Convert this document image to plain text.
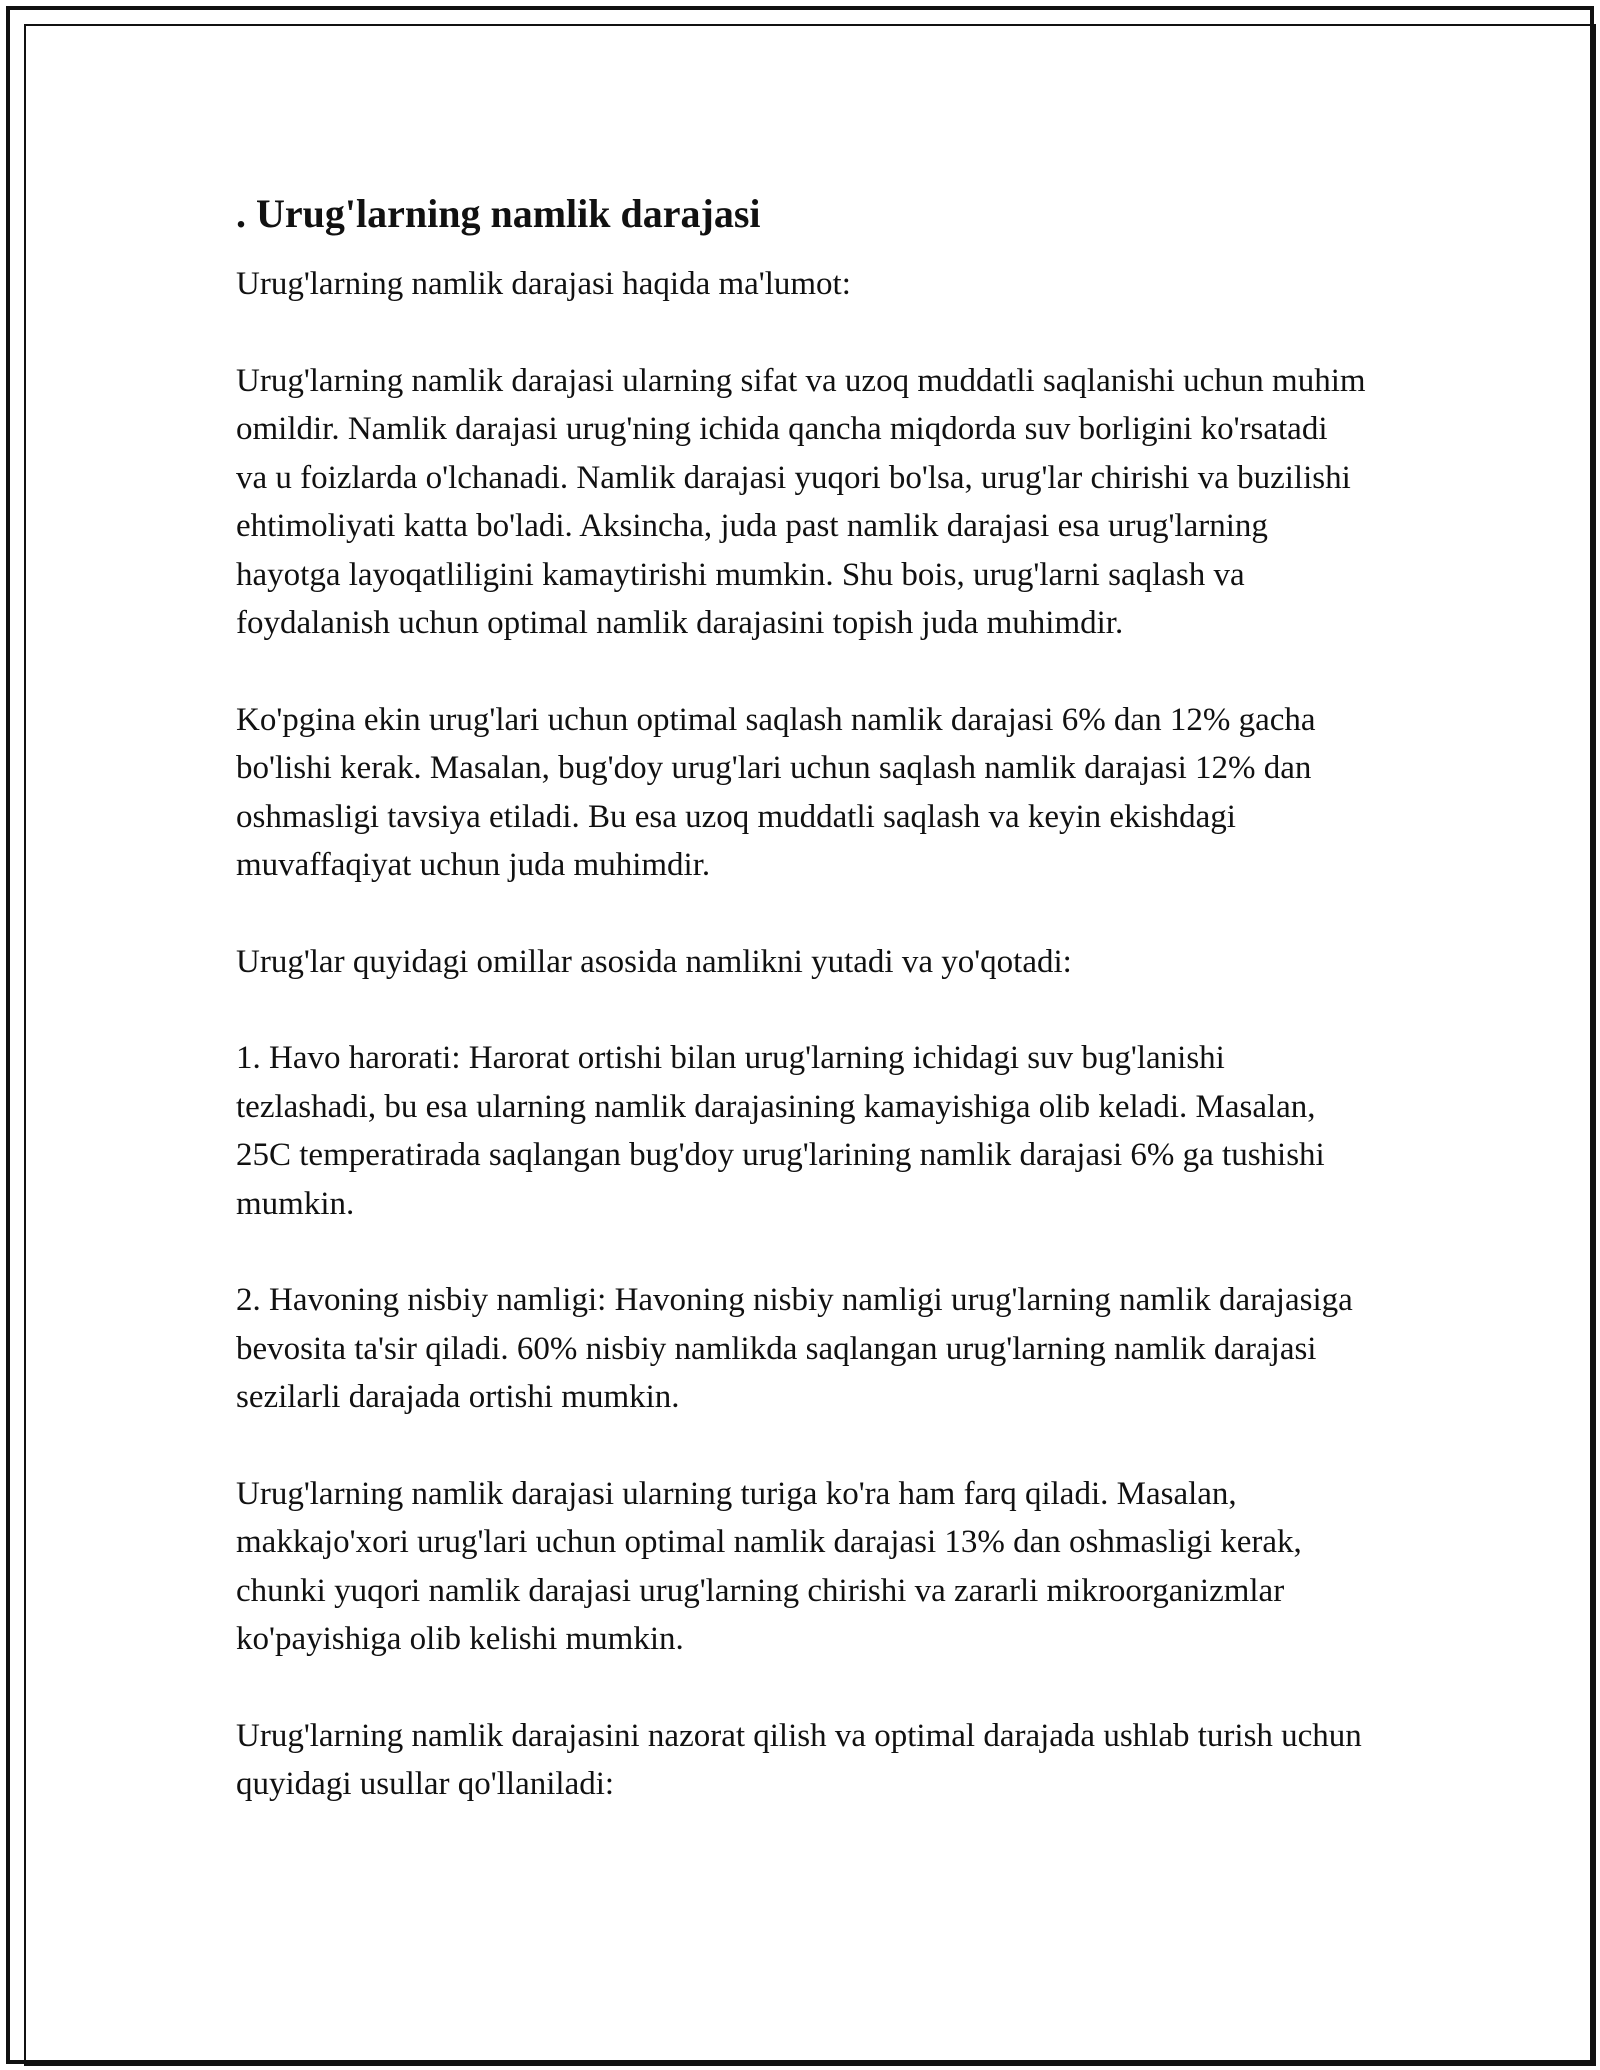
. Urug'larning namlik darajasi

Urug'larning namlik darajasi haqida ma'lumot:

Urug'larning namlik darajasi ularning sifat va uzoq muddatli saqlanishi uchun muhim omildir. Namlik darajasi urug'ning ichida qancha miqdorda suv borligini ko'rsatadi va u foizlarda o'lchanadi. Namlik darajasi yuqori bo'lsa, urug'lar chirishi va buzilishi ehtimoliyati katta bo'ladi. Aksincha, juda past namlik darajasi esa urug'larning hayotga layoqatliligini kamaytirishi mumkin. Shu bois, urug'larni saqlash va foydalanish uchun optimal namlik darajasini topish juda muhimdir.

Ko'pgina ekin urug'lari uchun optimal saqlash namlik darajasi 6% dan 12% gacha bo'lishi kerak. Masalan, bug'doy urug'lari uchun saqlash namlik darajasi 12% dan oshmasligi tavsiya etiladi. Bu esa uzoq muddatli saqlash va keyin ekishdagi muvaffaqiyat uchun juda muhimdir.

Urug'lar quyidagi omillar asosida namlikni yutadi va yo'qotadi:

1. Havo harorati: Harorat ortishi bilan urug'larning ichidagi suv bug'lanishi tezlashadi, bu esa ularning namlik darajasining kamayishiga olib keladi. Masalan, 25C temperatirada saqlangan bug'doy urug'larining namlik darajasi 6% ga tushishi mumkin.

2. Havoning nisbiy namligi: Havoning nisbiy namligi urug'larning namlik darajasiga bevosita ta'sir qiladi. 60% nisbiy namlikda saqlangan urug'larning namlik darajasi sezilarli darajada ortishi mumkin.

Urug'larning namlik darajasi ularning turiga ko'ra ham farq qiladi. Masalan, makkajo'xori urug'lari uchun optimal namlik darajasi 13% dan oshmasligi kerak, chunki yuqori namlik darajasi urug'larning chirishi va zararli mikroorganizmlar ko'payishiga olib kelishi mumkin.

Urug'larning namlik darajasini nazorat qilish va optimal darajada ushlab turish uchun quyidagi usullar qo'llaniladi:
